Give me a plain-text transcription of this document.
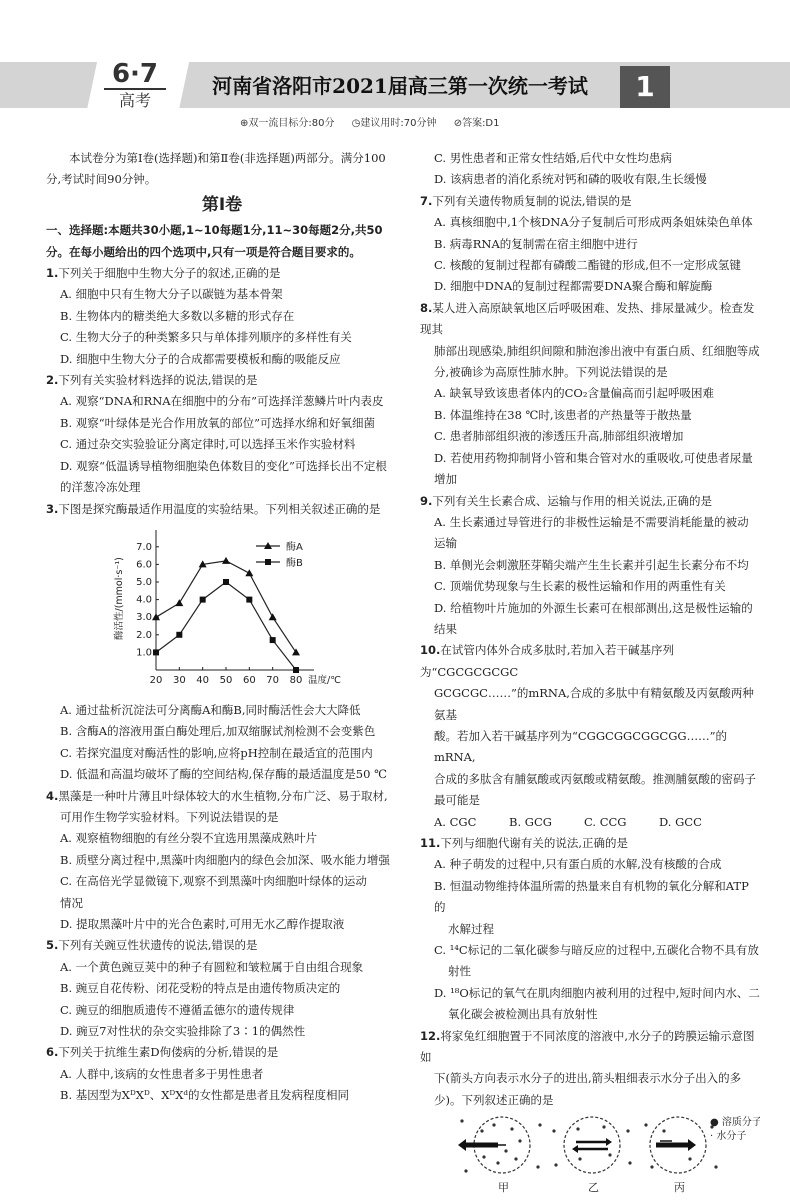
6·7
高考
河南省洛阳市2021届高三第一次统一考试	1
⊕双一流目标分:80分 ◷建议用时:70分钟 ⊘答案:D1

本试卷分为第Ⅰ卷(选择题)和第Ⅱ卷(非选择题)两部分。满分100分,考试时间90分钟。

第Ⅰ卷

一、选择题:本题共30小题,1~10每题1分,11~30每题2分,共50分。在每小题给出的四个选项中,只有一项是符合题目要求的。

1.下列关于细胞中生物大分子的叙述,正确的是

A. 细胞中只有生物大分子以碳链为基本骨架

B. 生物体内的糖类绝大多数以多糖的形式存在

C. 生物大分子的种类繁多只与单体排列顺序的多样性有关

D. 细胞中生物大分子的合成都需要模板和酶的吸能反应

2.下列有关实验材料选择的说法,错误的是

A. 观察“DNA和RNA在细胞中的分布”可选择洋葱鳞片叶内表皮

B. 观察“叶绿体是光合作用放氧的部位”可选择水绵和好氧细菌

C. 通过杂交实验验证分离定律时,可以选择玉米作实验材料

D. 观察“低温诱导植物细胞染色体数目的变化”可选择长出不定根

的洋葱冷冻处理

3.下图是探究酶最适作用温度的实验结果。下列相关叙述正确的是

20 30 40 50 60 70 80
1.0
2.0
3.0
4.0
5.0
6.0
7.0
温度/℃
酶活性/(mmol·s⁻¹)
酶A
酶B

A. 通过盐析沉淀法可分离酶A和酶B,同时酶活性会大大降低

B. 含酶A的溶液用蛋白酶处理后,加双缩脲试剂检测不会变紫色

C. 若探究温度对酶活性的影响,应将pH控制在最适宜的范围内

D. 低温和高温均破坏了酶的空间结构,保存酶的最适温度是50 ℃

4.黑藻是一种叶片薄且叶绿体较大的水生植物,分布广泛、易于取材,

可用作生物学实验材料。下列说法错误的是

A. 观察植物细胞的有丝分裂不宜选用黑藻成熟叶片

B. 质壁分离过程中,黑藻叶肉细胞内的绿色会加深、吸水能力增强

C. 在高倍光学显微镜下,观察不到黑藻叶肉细胞叶绿体的运动

情况

D. 提取黑藻叶片中的光合色素时,可用无水乙醇作提取液

5.下列有关豌豆性状遗传的说法,错误的是

A. 一个黄色豌豆荚中的种子有圆粒和皱粒属于自由组合现象

B. 豌豆自花传粉、闭花受粉的特点是由遗传物质决定的

C. 豌豆的细胞质遗传不遵循孟德尔的遗传规律

D. 豌豆7对性状的杂交实验排除了3∶1的偶然性

6.下列关于抗维生素D佝偻病的分析,错误的是

A. 人群中,该病的女性患者多于男性患者

B. 基因型为XᴰXᴰ、XᴰXᵈ的女性都是患者且发病程度相同

C. 男性患者和正常女性结婚,后代中女性均患病

D. 该病患者的消化系统对钙和磷的吸收有限,生长缓慢

7.下列有关遗传物质复制的说法,错误的是

A. 真核细胞中,1个核DNA分子复制后可形成两条姐妹染色单体

B. 病毒RNA的复制需在宿主细胞中进行

C. 核酸的复制过程都有磷酸二酯键的形成,但不一定形成氢键

D. 细胞中DNA的复制过程都需要DNA聚合酶和解旋酶

8.某人进入高原缺氧地区后呼吸困难、发热、排尿量减少。检查发现其

肺部出现感染,肺组织间隙和肺泡渗出液中有蛋白质、红细胞等成

分,被确诊为高原性肺水肿。下列说法错误的是

A. 缺氧导致该患者体内的CO₂含量偏高而引起呼吸困难

B. 体温维持在38 ℃时,该患者的产热量等于散热量

C. 患者肺部组织液的渗透压升高,肺部组织液增加

D. 若使用药物抑制肾小管和集合管对水的重吸收,可使患者尿量

增加

9.下列有关生长素合成、运输与作用的相关说法,正确的是

A. 生长素通过导管进行的非极性运输是不需要消耗能量的被动运输

B. 单侧光会刺激胚芽鞘尖端产生生长素并引起生长素分布不均

C. 顶端优势现象与生长素的极性运输和作用的两重性有关

D. 给植物叶片施加的外源生长素可在根部测出,这是极性运输的

结果

10.在试管内体外合成多肽时,若加入若干碱基序列为“CGCGCGCGC

GCGCGC……”的mRNA,合成的多肽中有精氨酸及丙氨酸两种氨基

酸。若加入若干碱基序列为“CGGCGGCGGCGG……”的mRNA,

合成的多肽含有脯氨酸或丙氨酸或精氨酸。推测脯氨酸的密码子

最可能是

A. CGC	B. GCG	C. CCG	D. GCC

11.下列与细胞代谢有关的说法,正确的是

A. 种子萌发的过程中,只有蛋白质的水解,没有核酸的合成

B. 恒温动物维持体温所需的热量来自有机物的氧化分解和ATP的

水解过程

C. ¹⁴C标记的二氧化碳参与暗反应的过程中,五碳化合物不具有放

射性

D. ¹⁸O标记的氧气在肌肉细胞内被利用的过程中,短时间内水、二

氧化碳会被检测出具有放射性

12.将家兔红细胞置于不同浓度的溶液中,水分子的跨膜运输示意图如

下(箭头方向表示水分子的进出,箭头粗细表示水分子出入的多

少)。下列叙述正确的是

甲	乙	丙
● 溶质分子
· 水分子
